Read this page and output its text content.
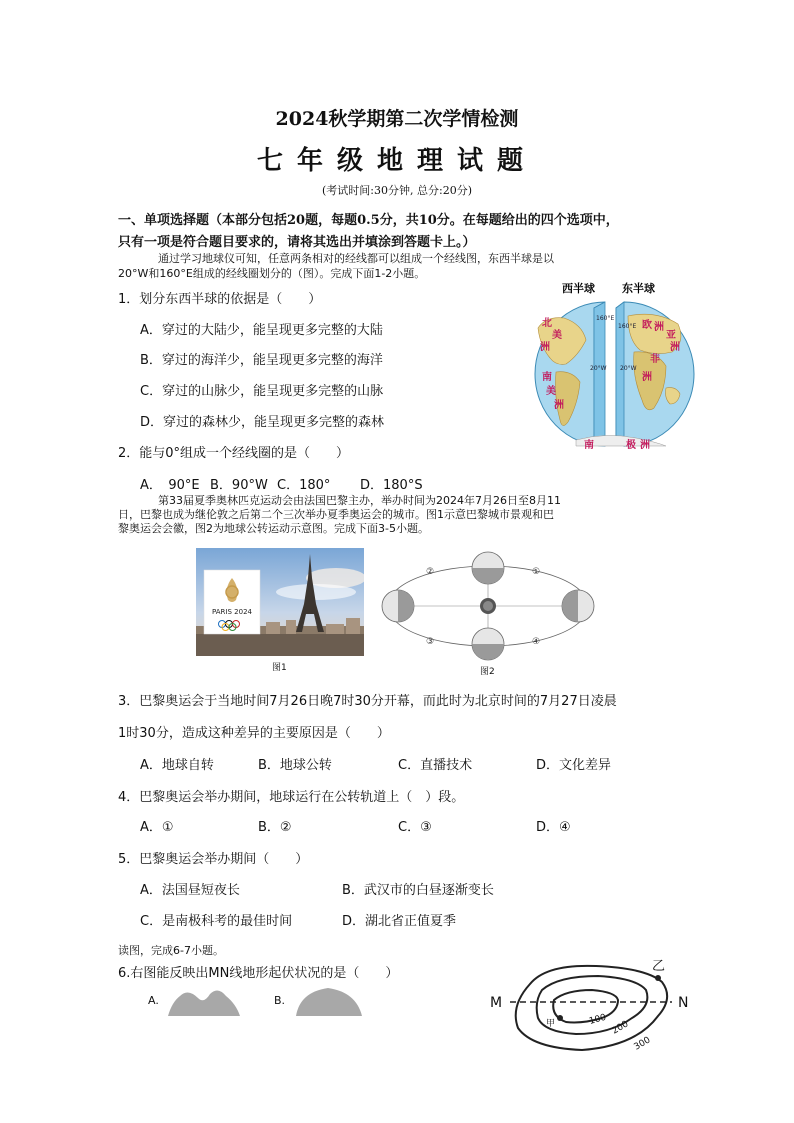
2024秋学期第二次学情检测
七年级地理试题
(考试时间:30分钟, 总分:20分)
一、单项选择题（本部分包括20题，每题0.5分，共10分。在每题给出的四个选项中，
只有一项是符合题目要求的，请将其选出并填涂到答题卡上。）
通过学习地球仪可知，任意两条相对的经线都可以组成一个经线图，东西半球是以
20°W和160°E组成的经线圈划分的（图）。完成下面1-2小题。
1．划分东西半球的依据是（　　）
A．穿过的大陆少，能呈现更多完整的大陆
B．穿过的海洋少，能呈现更多完整的海洋
C．穿过的山脉少，能呈现更多完整的山脉
D．穿过的森林少，能呈现更多完整的森林
西半球 东半球
160°E
160°E
20°W 20°W
北
美
洲
南
美
洲
欧 洲
亚
洲
非
洲
南	极 洲
2．能与0°组成一个经线圈的是（　　）
A．　90°E B．90°W C．180° D．180°S
第33届夏季奥林匹克运动会由法国巴黎主办，举办时间为2024年7月26日至8月11
日，巴黎也成为继伦敦之后第二个三次举办夏季奥运会的城市。图1示意巴黎城市景观和巴
黎奥运会会徽，图2为地球公转运动示意图。完成下面3-5小题。
PARIS 2024
图1
②	①
③	④
图2
3．巴黎奥运会于当地时间7月26日晚7时30分开幕，而此时为北京时间的7月27日凌晨
1时30分，造成这种差异的主要原因是（　　）
A．地球自转	B．地球公转	C．直播技术	D．文化差异
4．巴黎奥运会举办期间，地球运行在公转轨道上（　）段。
A．①	B．②	C．③	D．④
5．巴黎奥运会举办期间（　　）
A．法国昼短夜长	B．武汉市的白昼逐渐变长
C．是南极科考的最佳时间	D．湖北省正值夏季
读图，完成6-7小题。
6.右图能反映出MN线地形起伏状况的是（　　）
A.	B.	M	N
乙
甲	100 200
300
